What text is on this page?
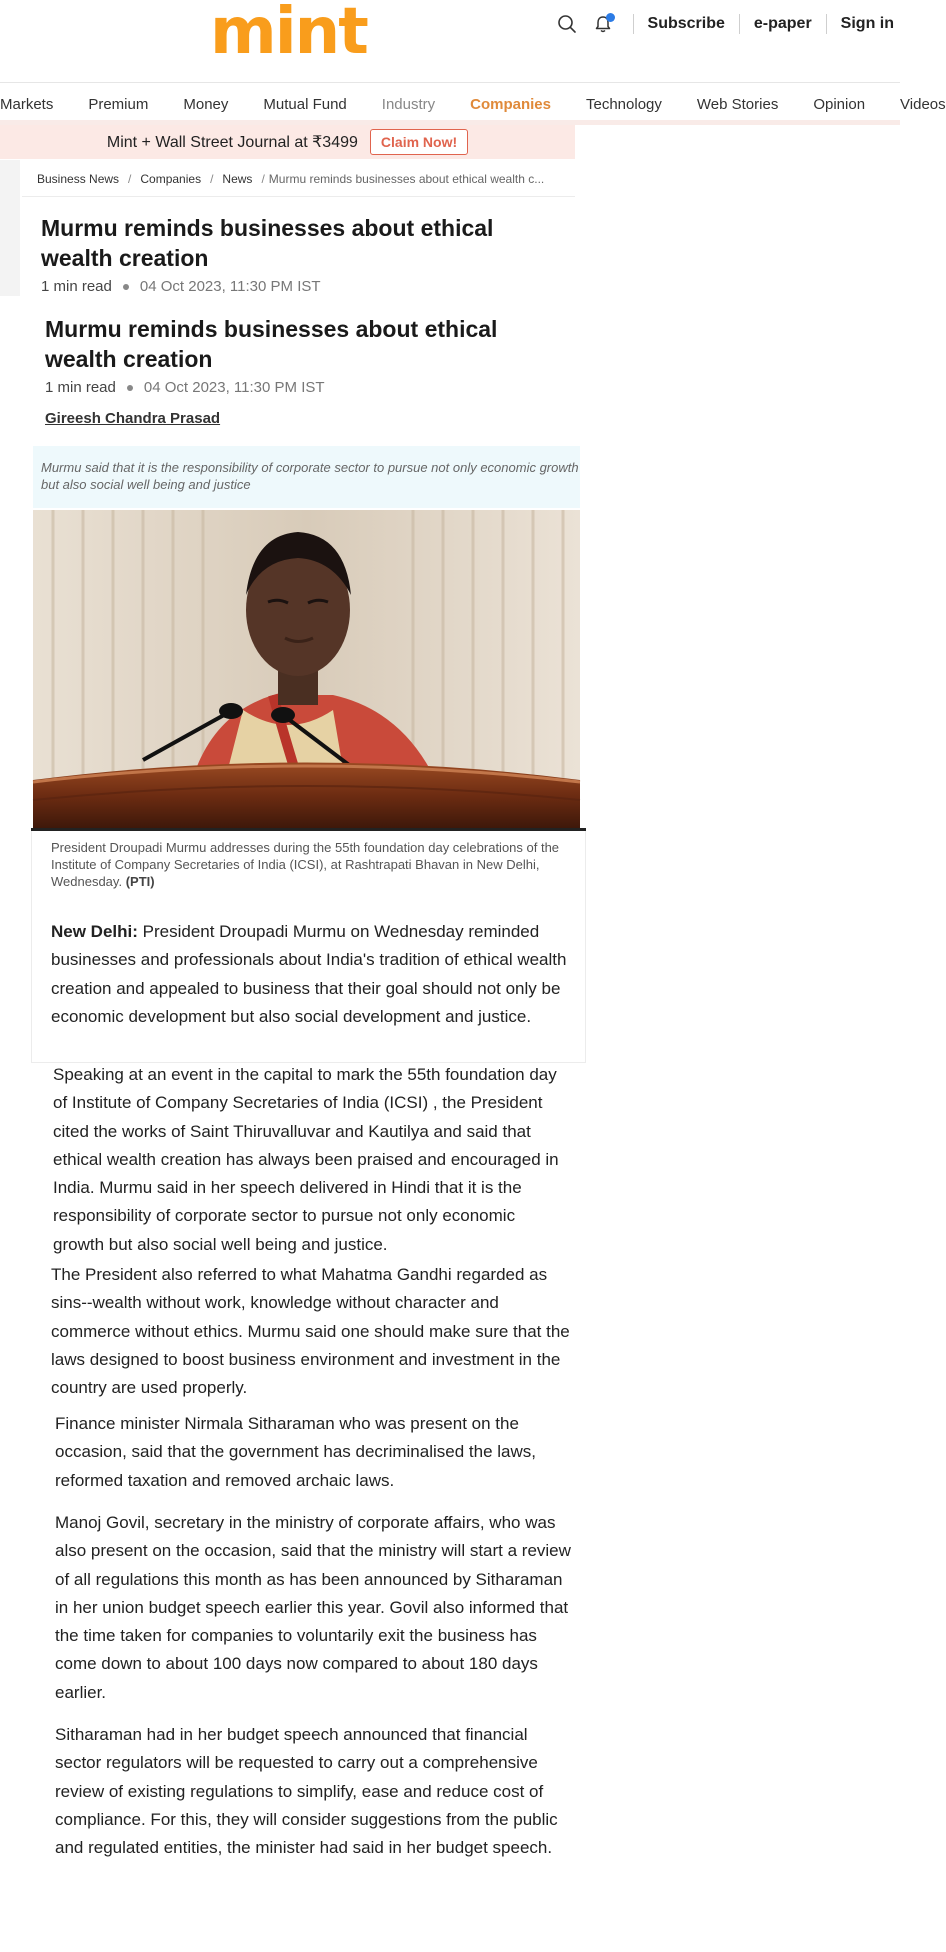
mint	Subscribe	e-paper	Sign in
Markets Premium Money Mutual Fund Industry Companies Technology Web Stories Opinion Videos
Mint + Wall Street Journal at ₹3499	Claim Now!
Business News / Companies / News / Murmu reminds businesses about ethical wealth c...
Murmu reminds businesses about ethical wealth creation
1 min read 04 Oct 2023, 11:30 PM IST
Murmu reminds businesses about ethical wealth creation
1 min read 04 Oct 2023, 11:30 PM IST
Gireesh Chandra Prasad
Murmu said that it is the responsibility of corporate sector to pursue not only economic growth but also social well being and justice
President Droupadi Murmu addresses during the 55th foundation day celebrations of the Institute of Company Secretaries of India (ICSI), at Rashtrapati Bhavan in New Delhi, Wednesday. (PTI)
New Delhi: President Droupadi Murmu on Wednesday reminded businesses and professionals about India's tradition of ethical wealth creation and appealed to business that their goal should not only be economic development but also social development and justice.
Speaking at an event in the capital to mark the 55th foundation day of Institute of Company Secretaries of India (ICSI) , the President cited the works of Saint Thiruvalluvar and Kautilya and said that ethical wealth creation has always been praised and encouraged in India. Murmu said in her speech delivered in Hindi that it is the responsibility of corporate sector to pursue not only economic growth but also social well being and justice.
The President also referred to what Mahatma Gandhi regarded as sins--wealth without work, knowledge without character and commerce without ethics. Murmu said one should make sure that the laws designed to boost business environment and investment in the country are used properly.
Finance minister Nirmala Sitharaman who was present on the occasion, said that the government has decriminalised the laws, reformed taxation and removed archaic laws.
Manoj Govil, secretary in the ministry of corporate affairs, who was also present on the occasion, said that the ministry will start a review of all regulations this month as has been announced by Sitharaman in her union budget speech earlier this year. Govil also informed that the time taken for companies to voluntarily exit the business has come down to about 100 days now compared to about 180 days earlier.
Sitharaman had in her budget speech announced that financial sector regulators will be requested to carry out a comprehensive review of existing regulations to simplify, ease and reduce cost of compliance. For this, they will consider suggestions from the public and regulated entities, the minister had said in her budget speech.
